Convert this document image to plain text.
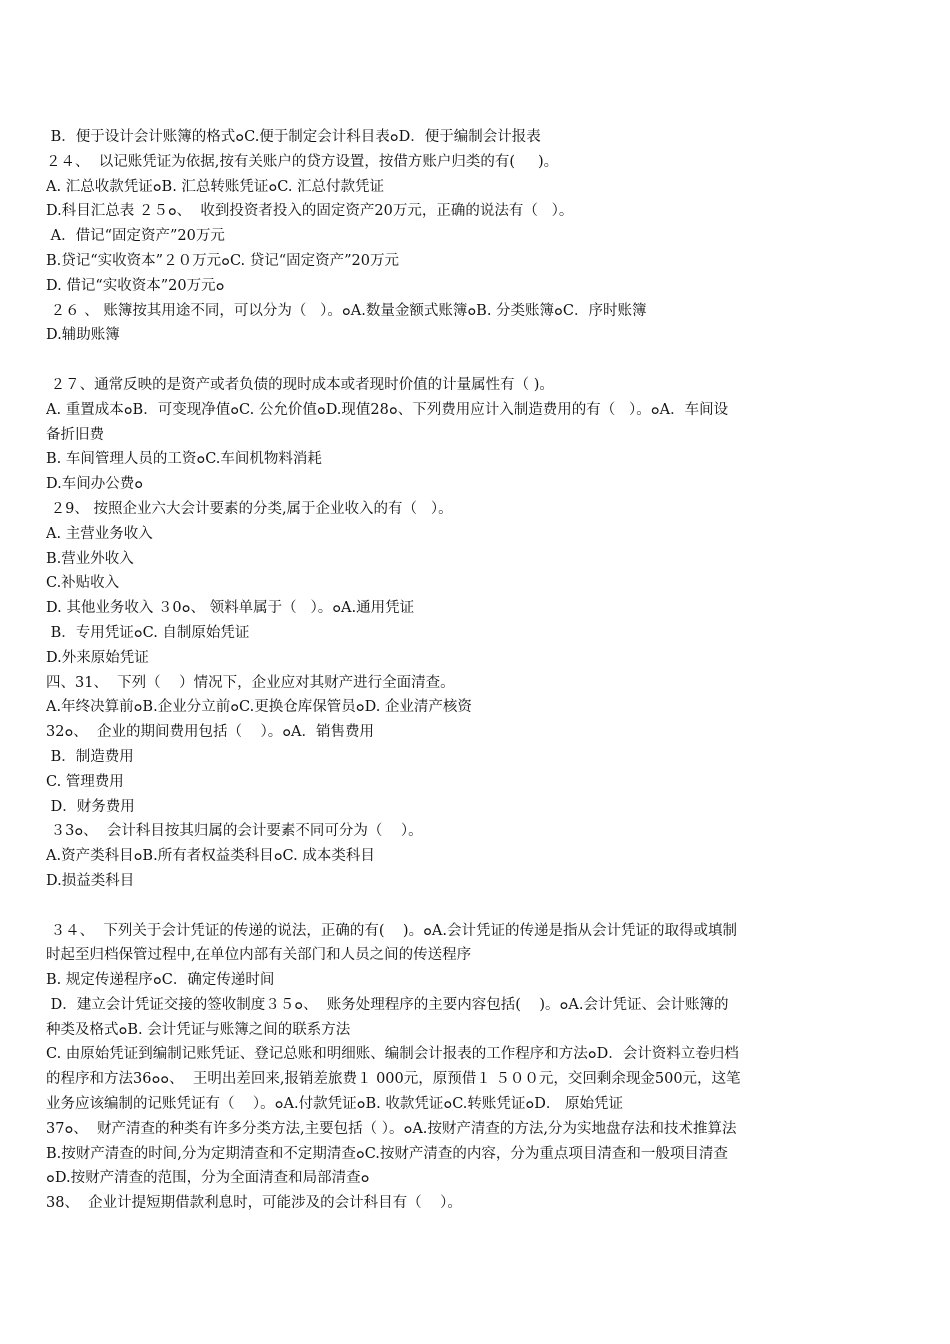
B．便于设计会计账簿的格式๐C.便于制定会计科目表๐D．便于编制会计报表
２４、  以记账凭证为依据,按有关账户的贷方设置，按借方账户归类的有(     )。
A. 汇总收款凭证๐B. 汇总转账凭证๐C. 汇总付款凭证
D.科目汇总表 ２５๐、  收到投资者投入的固定资产20万元，正确的说法有（   ）。
A．借记“固定资产”20万元
B.贷记“实收资本”２０万元๐C. 贷记“固定资产”20万元
D. 借记“实收资本”20万元๐
２６ 、 账簿按其用途不同，可以分为（   ）。๐A.数量金额式账簿๐B. 分类账簿๐C．序时账簿
D.辅助账簿
２７、通常反映的是资产或者负债的现时成本或者现时价值的计量属性有（ )。
A. 重置成本๐B．可变现净值๐C. 公允价值๐D.现值28๐、下列费用应计入制造费用的有（   ）。๐A．车间设
备折旧费
B. 车间管理人员的工资๐C.车间机物料消耗
D.车间办公费๐
２9、 按照企业六大会计要素的分类,属于企业收入的有（   ）。
A. 主营业务收入
B.营业外收入
C.补贴收入
D. 其他业务收入 ３0๐、 领料单属于（   ）。๐A.通用凭证
B．专用凭证๐C. 自制原始凭证
D.外来原始凭证
四、31、  下列（    ）情况下，企业应对其财产进行全面清查。
A.年终决算前๐B.企业分立前๐C.更换仓库保管员๐D. 企业清产核资
32๐、  企业的期间费用包括（    ）。๐A．销售费用
B．制造费用
C. 管理费用
D．财务费用
３3๐、  会计科目按其归属的会计要素不同可分为（    ）。
A.资产类科目๐B.所有者权益类科目๐C. 成本类科目
D.损益类科目
３４、  下列关于会计凭证的传递的说法，正确的有(    )。๐A.会计凭证的传递是指从会计凭证的取得或填制
时起至归档保管过程中,在单位内部有关部门和人员之间的传送程序
B. 规定传递程序๐C．确定传递时间
D．建立会计凭证交接的签收制度３５๐、  账务处理程序的主要内容包括(    )。๐A.会计凭证、会计账簿的
种类及格式๐B. 会计凭证与账簿之间的联系方法
C. 由原始凭证到编制记账凭证、登记总账和明细账、编制会计报表的工作程序和方法๐D．会计资料立卷归档
的程序和方法36๐๐、  王明出差回来,报销差旅费１ 000元，原预借１ ５００元，交回剩余现金500元，这笔
业务应该编制的记账凭证有（    ）。๐A.付款凭证๐B. 收款凭证๐C.转账凭证๐D． 原始凭证
37๐、  财产清查的种类有许多分类方法,主要包括（ ）。๐A.按财产清查的方法,分为实地盘存法和技术推算法
B.按财产清查的时间,分为定期清查和不定期清查๐C.按财产清查的内容，分为重点项目清查和一般项目清查
๐D.按财产清查的范围，分为全面清查和局部清查๐
38、  企业计提短期借款利息时，可能涉及的会计科目有（    ）。
